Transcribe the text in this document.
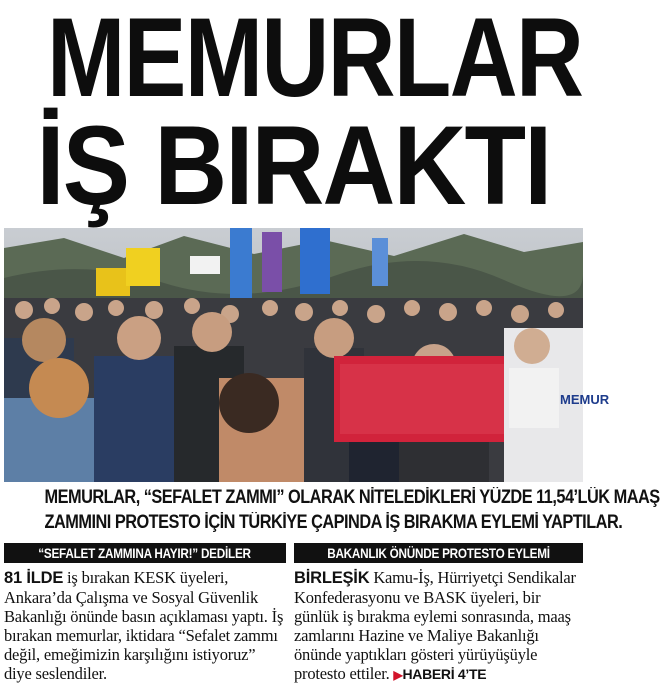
MEMURLAR
İŞ BIRAKTI
MEMUR
MEMURLAR, “SEFALET ZAMMI” OLARAK NİTELEDİKLERİ YÜZDE 11,54’LÜK MAAŞ
ZAMMINI PROTESTO İÇİN TÜRKİYE ÇAPINDA İŞ BIRAKMA EYLEMİ YAPTILAR.
“SEFALET ZAMMINA HAYIR!” DEDİLER

81 İLDE iş bırakan KESK üyeleri, Ankara’da Çalışma ve Sosyal Güvenlik Bakanlığı önünde basın açıklaması yaptı. İş bırakan memurlar, iktidara “Sefalet zammı değil, emeğimizin karşılığını istiyoruz” diye seslendiler.

BAKANLIK ÖNÜNDE PROTESTO EYLEMİ

BİRLEŞİK Kamu-İş, Hürriyetçi Sendikalar Konfederasyonu ve BASK üyeleri, bir günlük iş bırakma eylemi sonrasında, maaş zamlarını Hazine ve Maliye Bakanlığı önünde yaptıkları gösteri yürüyüşüyle protesto ettiler. ▶HABERİ 4’TE
